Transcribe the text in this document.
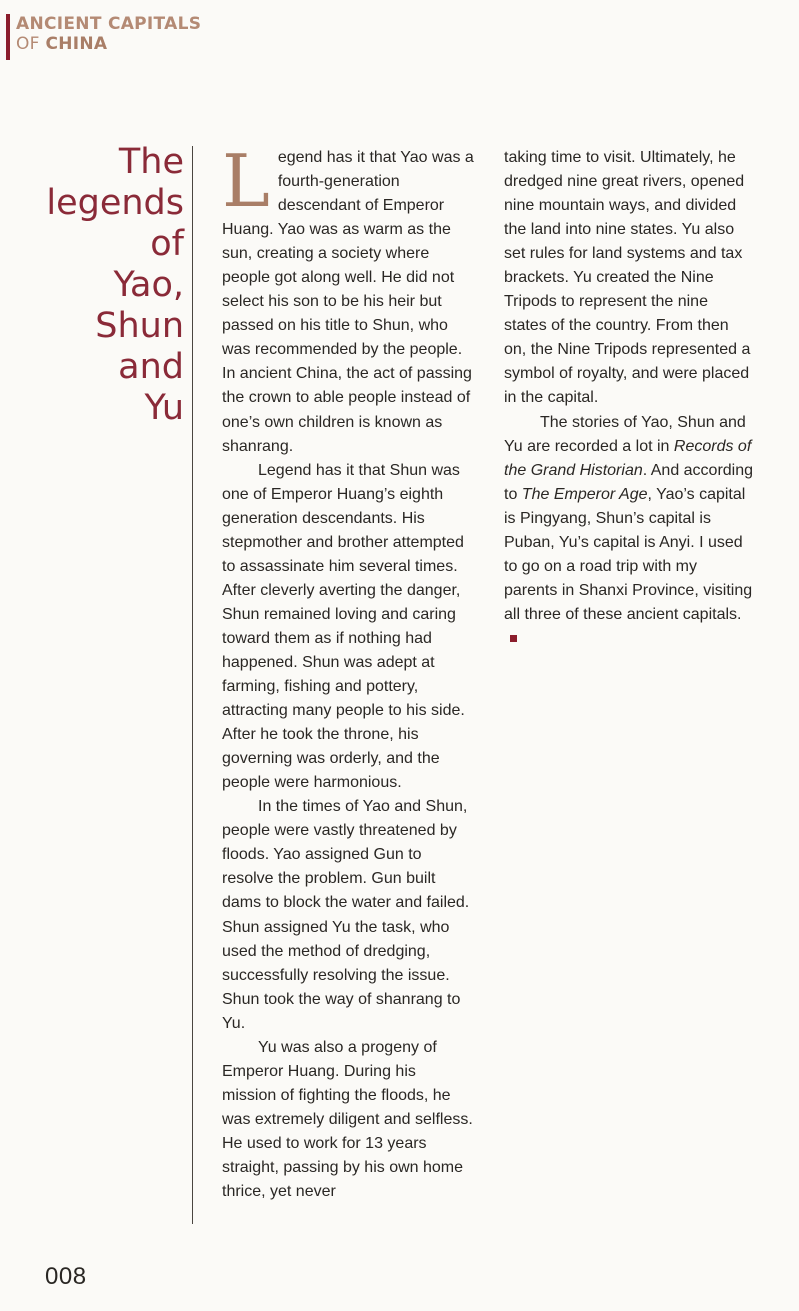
ANCIENT CAPITALS
OF CHINA
The
legends
of
Yao,
Shun
and
Yu

Legend has it that Yao was a fourth-generation descendant of Emperor Huang. Yao was as warm as the sun, creating a society where people got along well. He did not select his son to be his heir but passed on his title to Shun, who was recommended by the people. In ancient China, the act of passing the crown to able people instead of one’s own children is known as shanrang.

Legend has it that Shun was one of Emperor Huang’s eighth generation descendants. His stepmother and brother attempted to assassinate him several times. After cleverly averting the danger, Shun remained loving and caring toward them as if nothing had happened. Shun was adept at farming, fishing and pottery, attracting many people to his side. After he took the throne, his governing was orderly, and the people were harmonious.

In the times of Yao and Shun, people were vastly threatened by floods. Yao assigned Gun to resolve the problem. Gun built dams to block the water and failed. Shun assigned Yu the task, who used the method of dredging, successfully resolving the issue. Shun took the way of shanrang to Yu.

Yu was also a progeny of Emperor Huang. During his mission of fighting the floods, he was extremely diligent and selfless. He used to work for 13 years straight, passing by his own home thrice, yet never

taking time to visit. Ultimately, he dredged nine great rivers, opened nine mountain ways, and divided the land into nine states. Yu also set rules for land systems and tax brackets. Yu created the Nine Tripods to represent the nine states of the country. From then on, the Nine Tripods represented a symbol of royalty, and were placed in the capital.

The stories of Yao, Shun and Yu are recorded a lot in Records of the Grand Historian. And according to The Emperor Age, Yao’s capital is Pingyang, Shun’s capital is Puban, Yu’s capital is Anyi. I used to go on a road trip with my parents in Shanxi Province, visiting all three of these ancient capitals.

008
